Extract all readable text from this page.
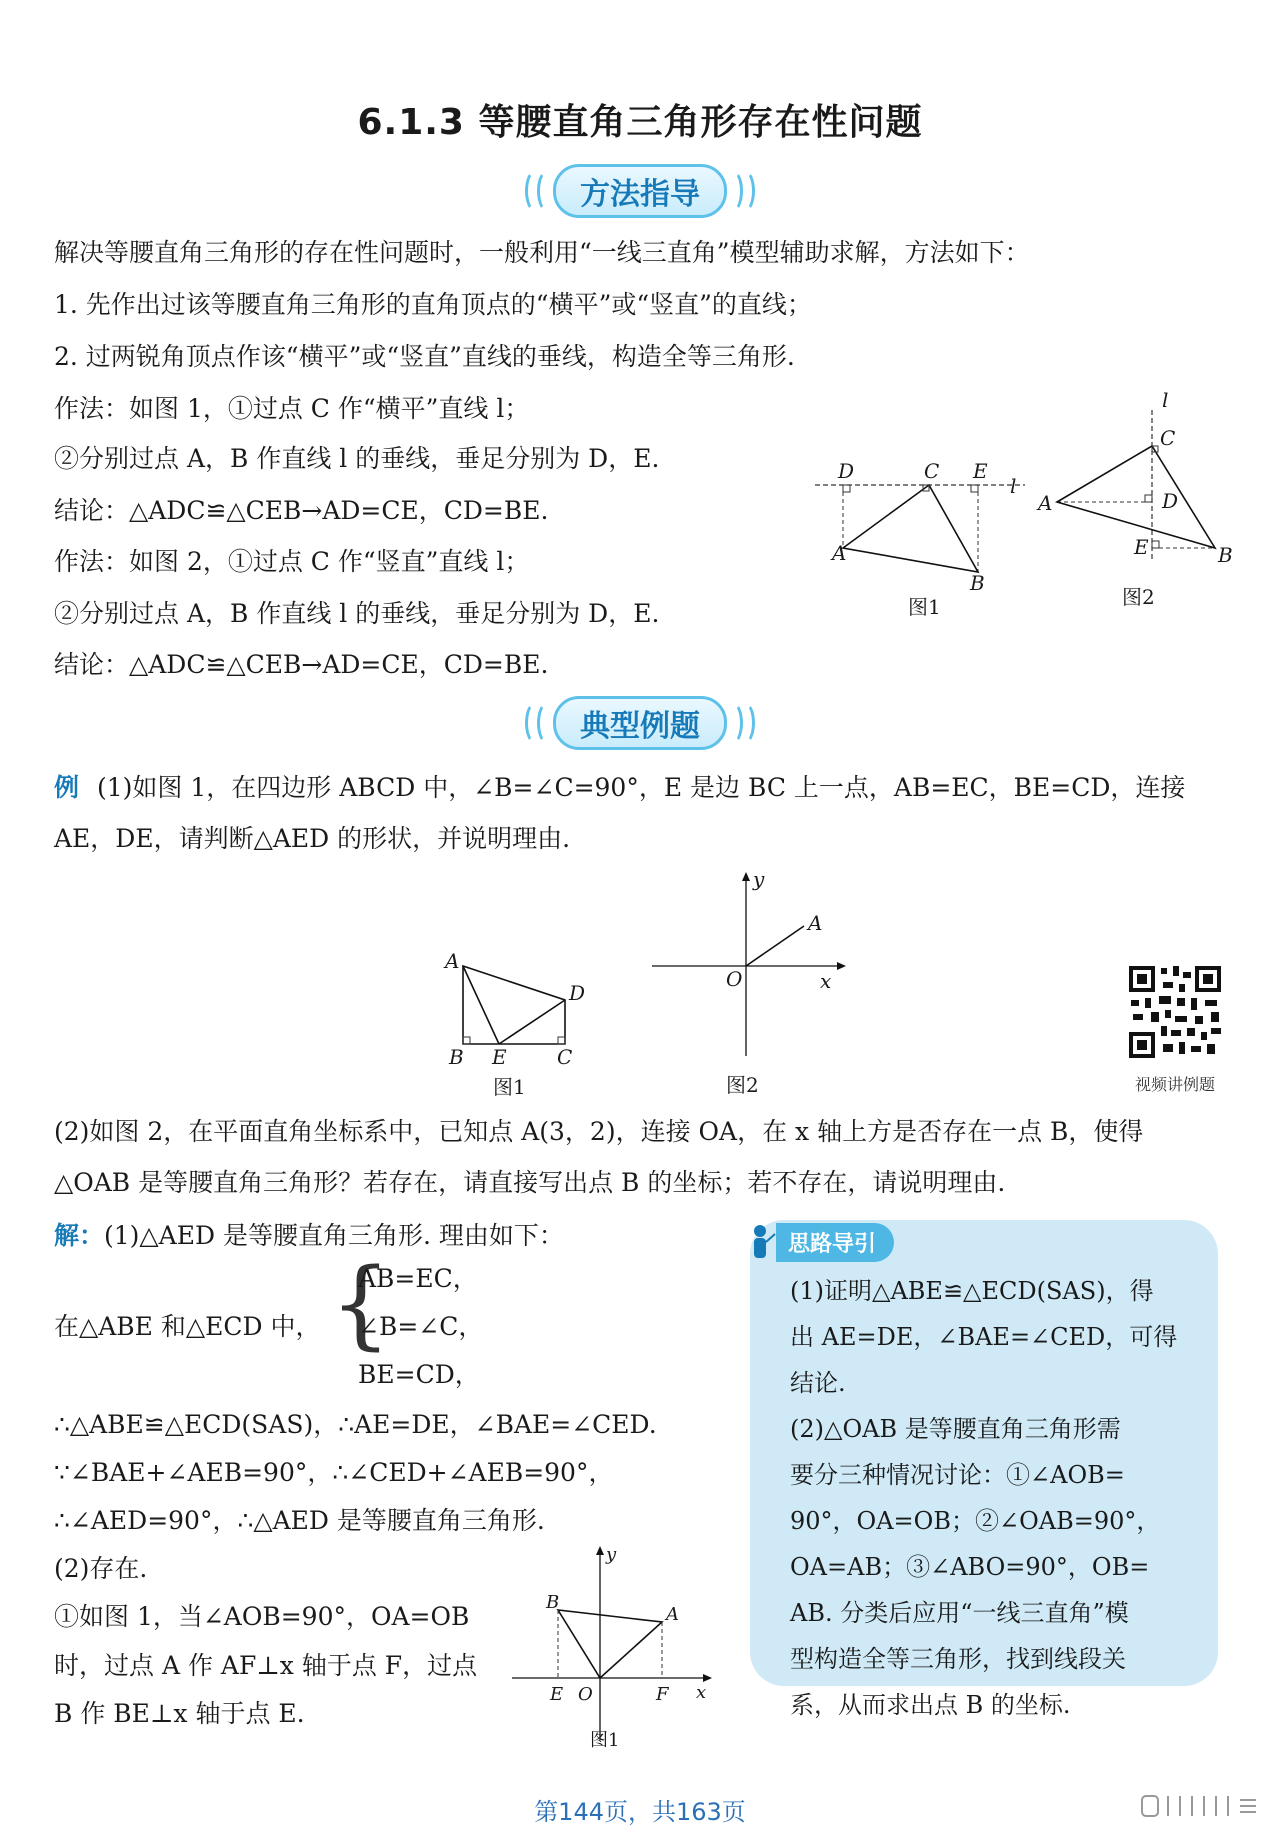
6.1.3 等腰直角三角形存在性问题
方法指导
解决等腰直角三角形的存在性问题时，一般利用“一线三直角”模型辅助求解，方法如下：
1. 先作出过该等腰直角三角形的直角顶点的“横平”或“竖直”的直线；
2. 过两锐角顶点作该“横平”或“竖直”直线的垂线，构造全等三角形.
作法：如图 1，①过点 C 作“横平”直线 l；
②分别过点 A，B 作直线 l 的垂线，垂足分别为 D，E.
结论：△ADC≌△CEB→AD=CE，CD=BE.
作法：如图 2，①过点 C 作“竖直”直线 l；
②分别过点 A，B 作直线 l 的垂线，垂足分别为 D，E.
结论：△ADC≌△CEB→AD=CE，CD=BE.
D	C E
l
A
B
图1
l
C
A	D
E	B
图2
典型例题
例 (1)如图 1，在四边形 ABCD 中，∠B=∠C=90°，E 是边 BC 上一点，AB=EC，BE=CD，连接
AE，DE，请判断△AED 的形状，并说明理由.
A
D
B E	C
图1
y
A
O	x
图2	视频讲例题
(2)如图 2，在平面直角坐标系中，已知点 A(3，2)，连接 OA，在 x 轴上方是否存在一点 B，使得
△OAB 是等腰直角三角形？若存在，请直接写出点 B 的坐标；若不存在，请说明理由.
解：(1)△AED 是等腰直角三角形. 理由如下：
在△ABE 和△ECD 中， {
AB=EC，
∠B=∠C，
BE=CD，
∴△ABE≌△ECD(SAS)，∴AE=DE，∠BAE=∠CED.
∵∠BAE+∠AEB=90°，∴∠CED+∠AEB=90°，
∴∠AED=90°，∴△AED 是等腰直角三角形.
(2)存在.
①如图 1，当∠AOB=90°，OA=OB
时，过点 A 作 AF⊥x 轴于点 F，过点
B 作 BE⊥x 轴于点 E.
y
B
A
E O	F x
图1
思路导引
(1)证明△ABE≌△ECD(SAS)，得
出 AE=DE，∠BAE=∠CED，可得
结论.
(2)△OAB 是等腰直角三角形需
要分三种情况讨论：①∠AOB=
90°，OA=OB；②∠OAB=90°，
OA=AB；③∠ABO=90°，OB=
AB. 分类后应用“一线三直角”模
型构造全等三角形，找到线段关
系，从而求出点 B 的坐标.
第144页，共163页
